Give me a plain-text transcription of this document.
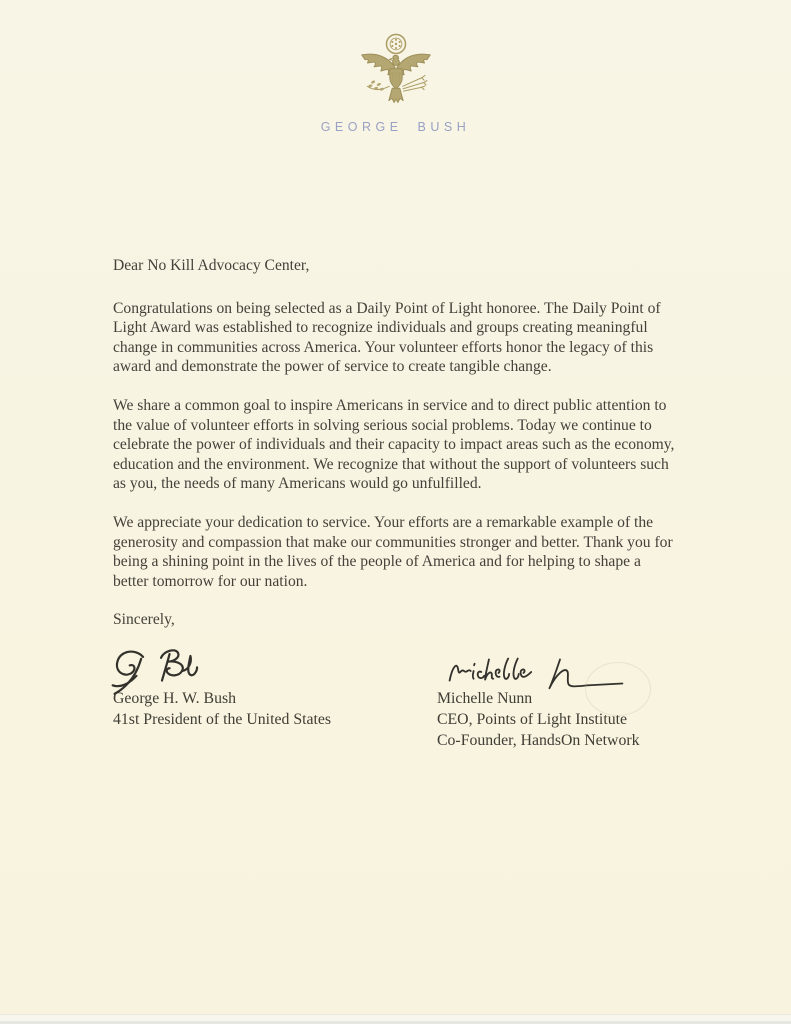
GEORGE BUSH

Dear No Kill Advocacy Center,

Congratulations on being selected as a Daily Point of Light honoree. The Daily Point of Light Award was established to recognize individuals and groups creating meaningful change in communities across America. Your volunteer efforts honor the legacy of this award and demonstrate the power of service to create tangible change.

We share a common goal to inspire Americans in service and to direct public attention to the value of volunteer efforts in solving serious social problems. Today we continue to celebrate the power of individuals and their capacity to impact areas such as the economy, education and the environment. We recognize that without the support of volunteers such as you, the needs of many Americans would go unfulfilled.

We appreciate your dedication to service. Your efforts are a remarkable example of the generosity and compassion that make our communities stronger and better. Thank you for being a shining point in the lives of the people of America and for helping to shape a better tomorrow for our nation.

Sincerely,

George H. W. Bush
41st President of the United States
Michelle Nunn
CEO, Points of Light Institute
Co-Founder, HandsOn Network
